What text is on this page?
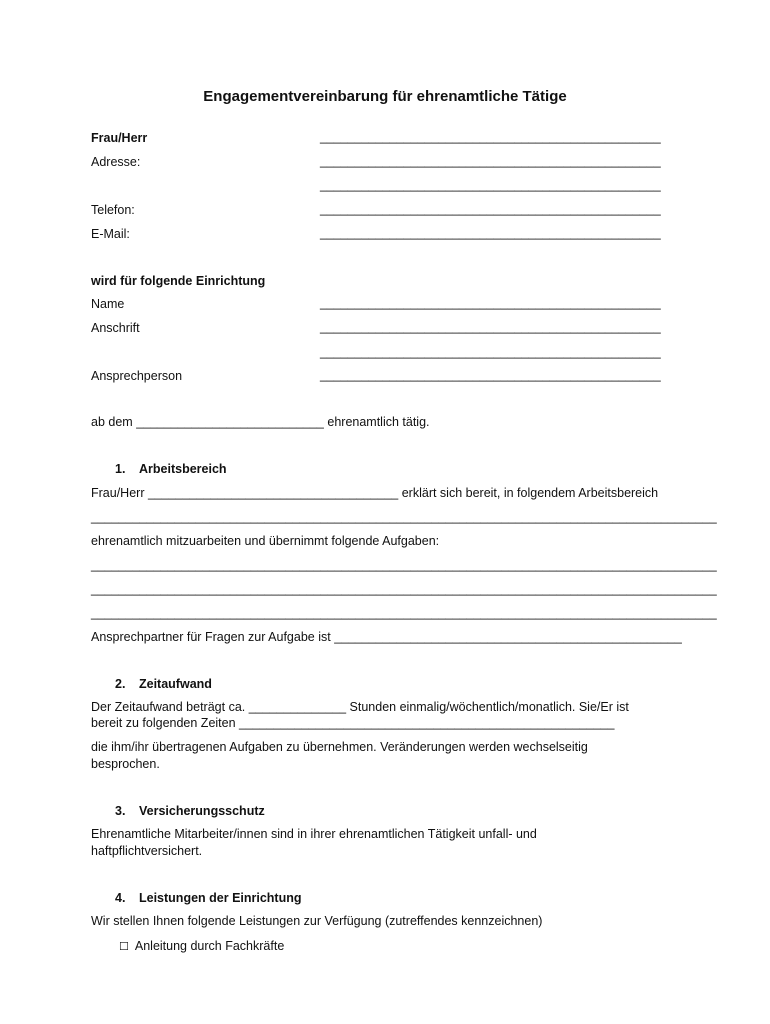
Engagementvereinbarung für ehrenamtliche Tätige
Frau/Herr	_________________________________________________
Adresse:	_________________________________________________
_________________________________________________
Telefon:	_________________________________________________
E-Mail:	_________________________________________________
wird für folgende Einrichtung
Name	_________________________________________________
Anschrift	_________________________________________________
_________________________________________________
Ansprechperson	_________________________________________________
ab dem ___________________________ ehrenamtlich tätig.
1. Arbeitsbereich
Frau/Herr ____________________________________ erklärt sich bereit, in folgendem Arbeitsbereich
__________________________________________________________________________________________
ehrenamtlich mitzuarbeiten und übernimmt folgende Aufgaben:
__________________________________________________________________________________________
__________________________________________________________________________________________
__________________________________________________________________________________________
Ansprechpartner für Fragen zur Aufgabe ist __________________________________________________
2. Zeitaufwand
Der Zeitaufwand beträgt ca. ______________ Stunden einmalig/wöchentlich/monatlich. Sie/Er ist
bereit zu folgenden Zeiten ______________________________________________________
die ihm/ihr übertragenen Aufgaben zu übernehmen. Veränderungen werden wechselseitig
besprochen.
3. Versicherungsschutz
Ehrenamtliche Mitarbeiter/innen sind in ihrer ehrenamtlichen Tätigkeit unfall- und
haftpflichtversichert.
4. Leistungen der Einrichtung
Wir stellen Ihnen folgende Leistungen zur Verfügung (zutreffendes kennzeichnen)
☐ Anleitung durch Fachkräfte
